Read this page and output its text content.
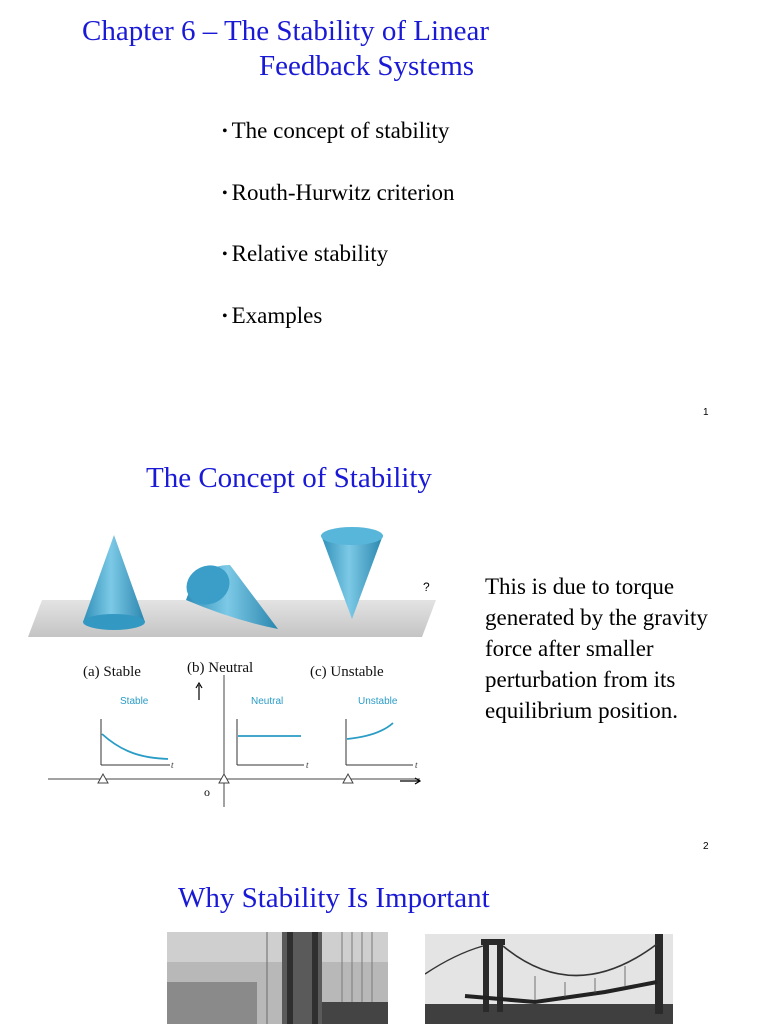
Chapter 6 – The Stability of Linear
Feedback Systems
• The concept of stability
• Routh-Hurwitz criterion
• Relative stability
• Examples
1
The Concept of Stability
(a) Stable	(b) Neutral	(c) Unstable
o
Stable
t
Neutral
t
Unstable
t
? This is due to torque generated by the gravity force after smaller perturbation from its equilibrium position.
2
Why Stability Is Important
